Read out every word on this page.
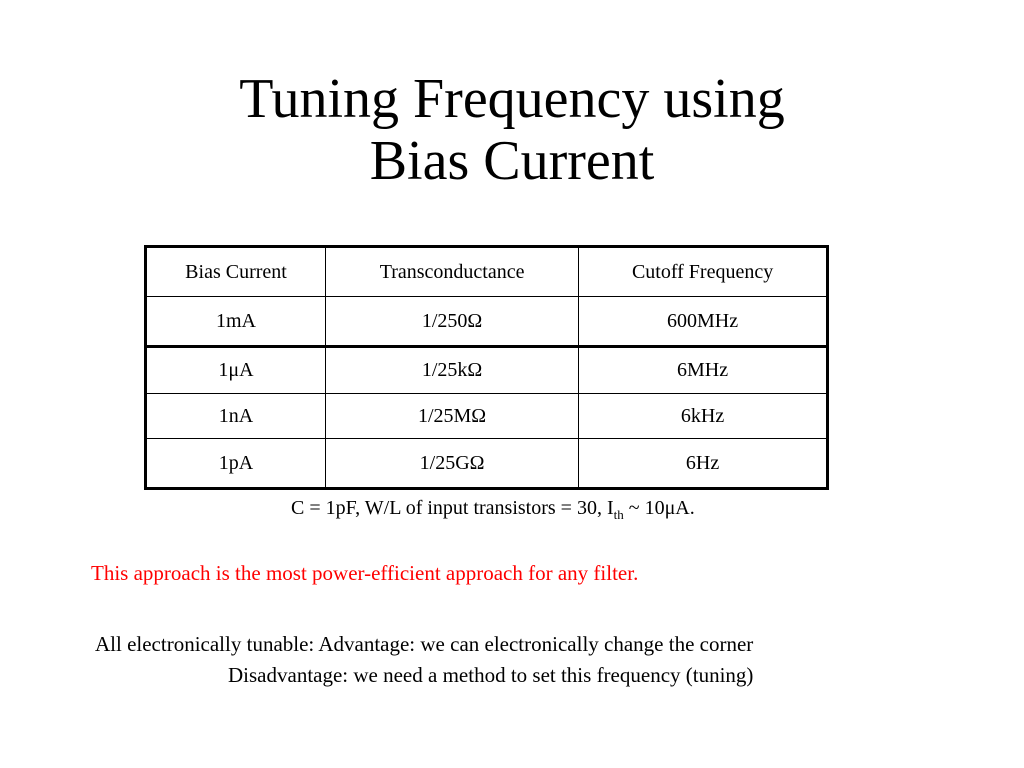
Tuning Frequency using
Bias Current
Bias Current	Transconductance	Cutoff Frequency
1mA	1/250Ω	600MHz
1μA	1/25kΩ	6MHz
1nA	1/25MΩ	6kHz
1pA	1/25GΩ	6Hz
C = 1pF, W/L of input transistors = 30, $I_{th}$ ~ 10μA.
This approach is the most power-efficient approach for any filter.
All electronically tunable: Advantage: we can electronically change the corner
Disadvantage: we need a method to set this frequency (tuning)
